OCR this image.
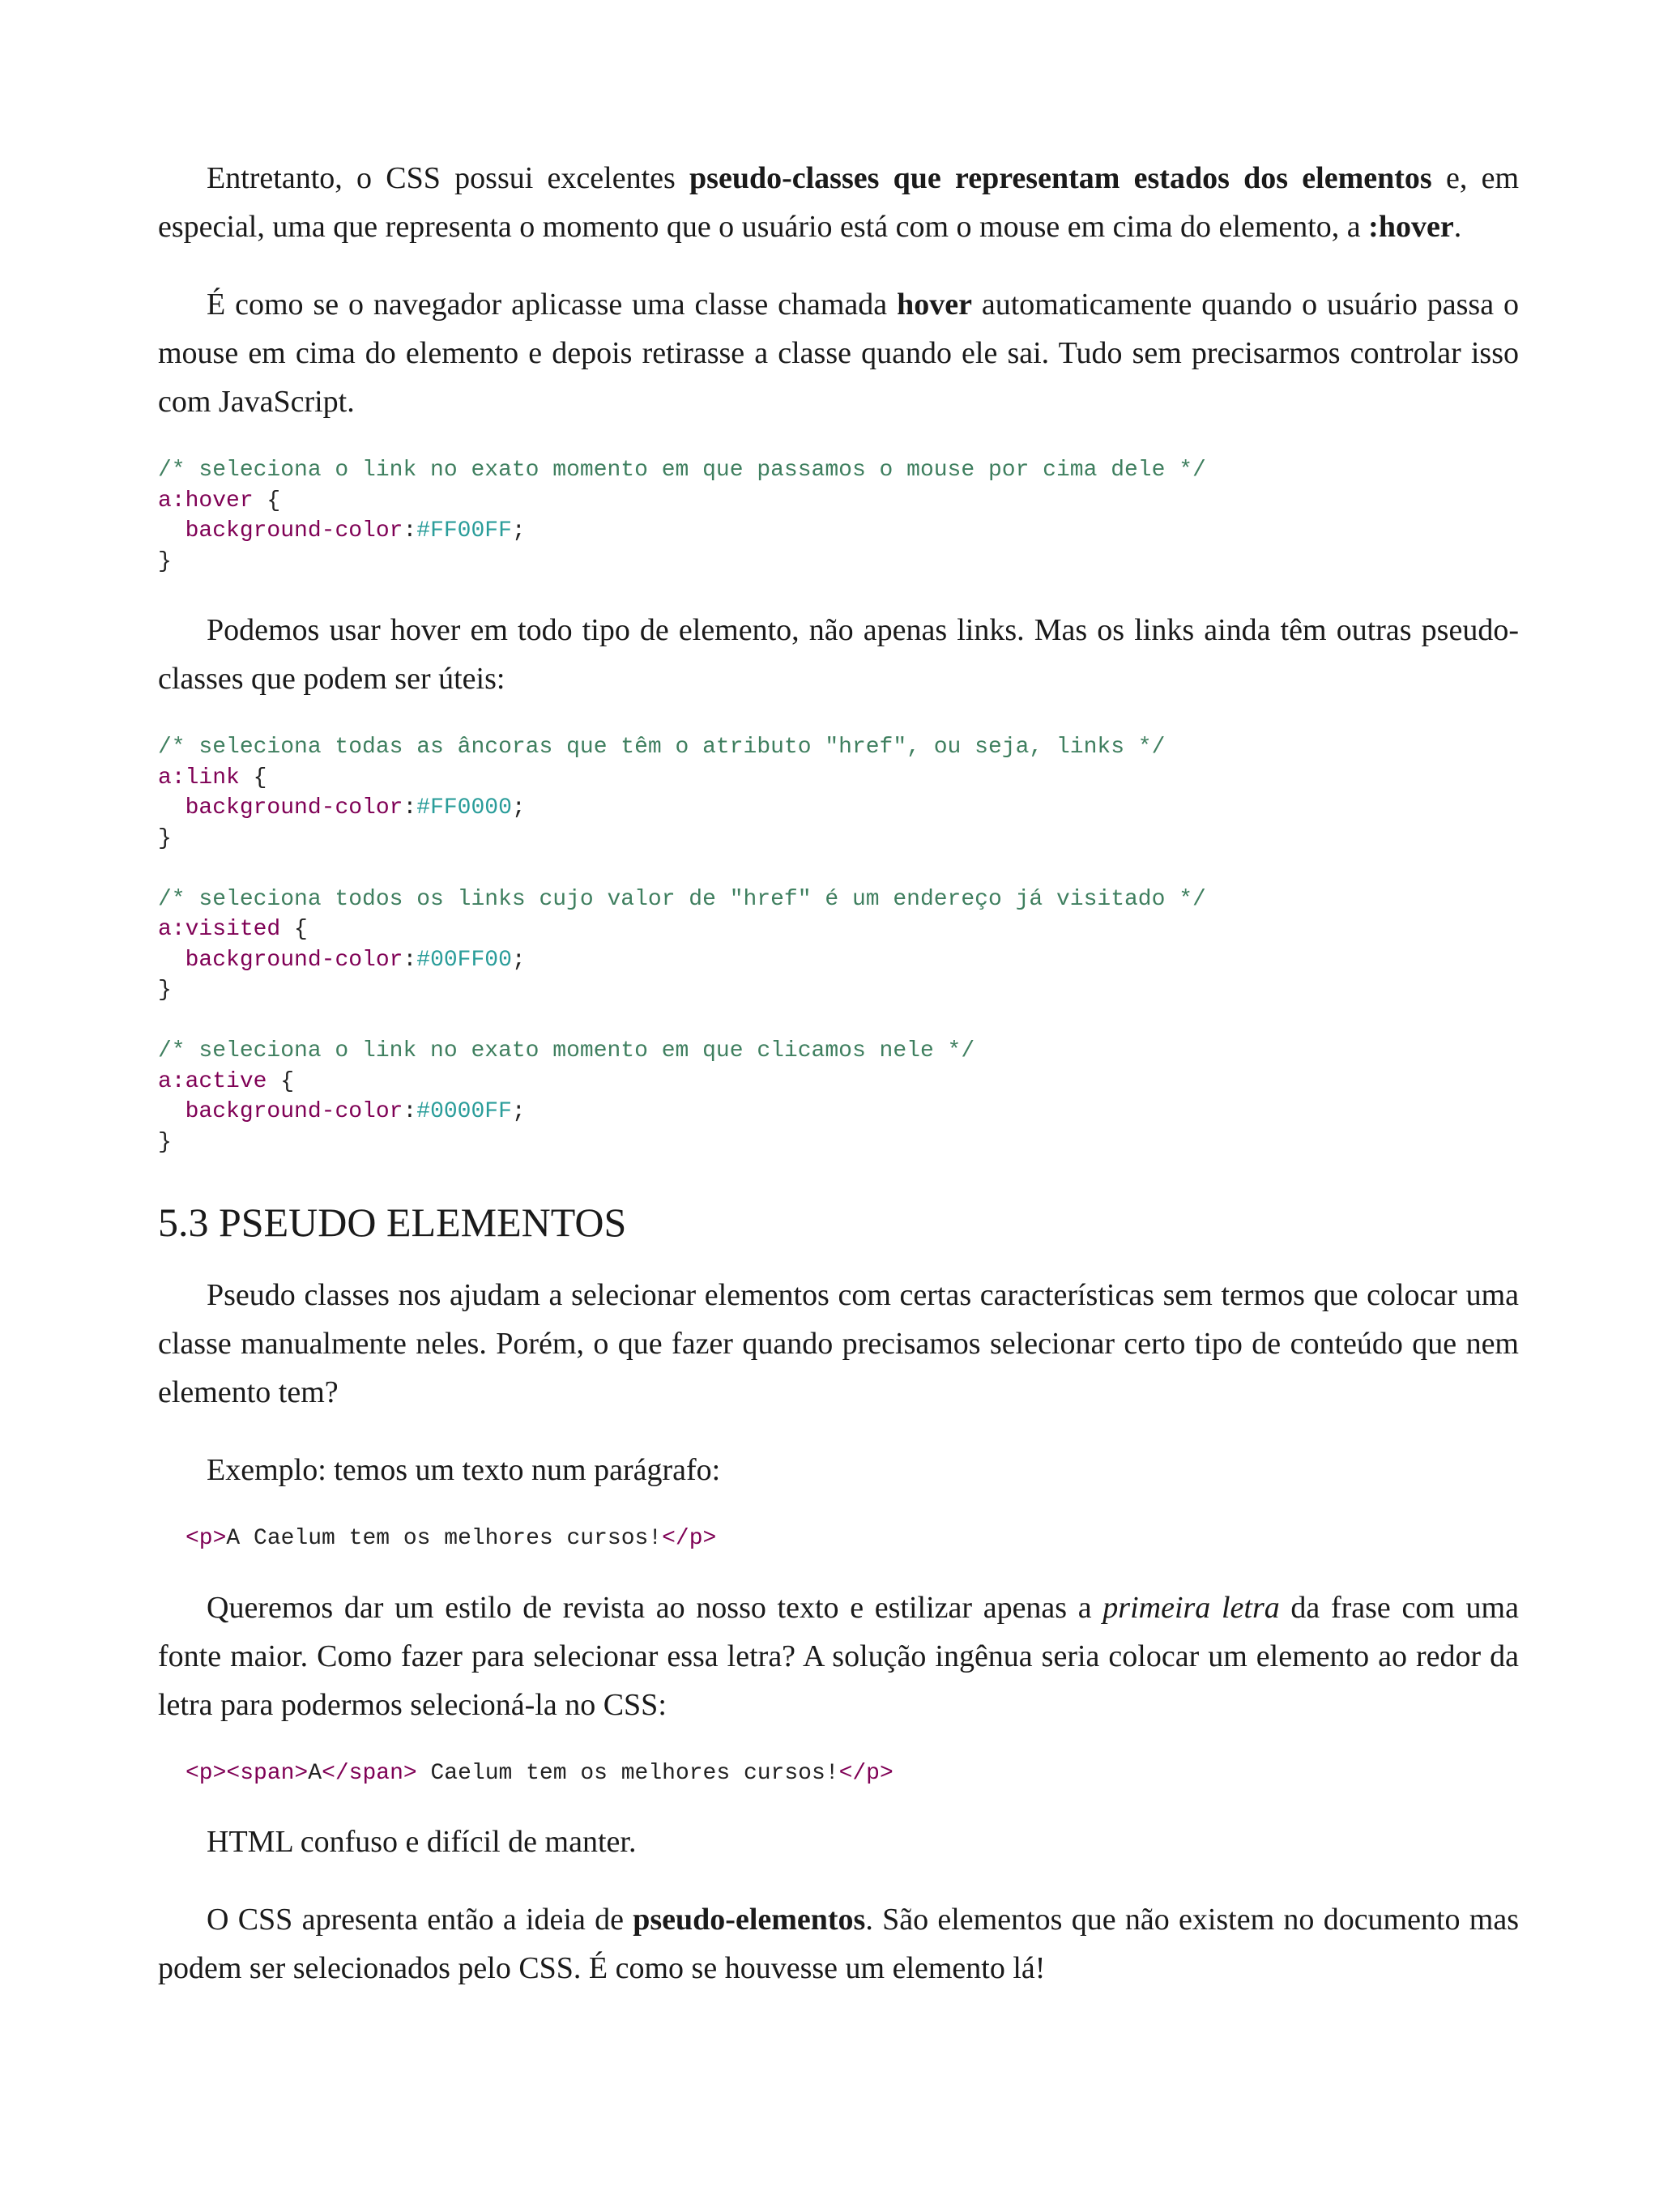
Entretanto, o CSS possui excelentes pseudo-classes que representam estados dos elementos e, em especial, uma que representa o momento que o usuário está com o mouse em cima do elemento, a :hover.

É como se o navegador aplicasse uma classe chamada hover automaticamente quando o usuário passa o mouse em cima do elemento e depois retirasse a classe quando ele sai. Tudo sem precisarmos controlar isso com JavaScript.

/* seleciona o link no exato momento em que passamos o mouse por cima dele */
a:hover {
background-color:#FF00FF;
}

Podemos usar hover em todo tipo de elemento, não apenas links. Mas os links ainda têm outras pseudo-classes que podem ser úteis:

/* seleciona todas as âncoras que têm o atributo "href", ou seja, links */
a:link {
background-color:#FF0000;
}

/* seleciona todos os links cujo valor de "href" é um endereço já visitado */
a:visited {
background-color:#00FF00;
}

/* seleciona o link no exato momento em que clicamos nele */
a:active {
background-color:#0000FF;
}
5.3 PSEUDO ELEMENTOS

Pseudo classes nos ajudam a selecionar elementos com certas características sem termos que colocar uma classe manualmente neles. Porém, o que fazer quando precisamos selecionar certo tipo de conteúdo que nem elemento tem?

Exemplo: temos um texto num parágrafo:

<p>A Caelum tem os melhores cursos!</p>

Queremos dar um estilo de revista ao nosso texto e estilizar apenas a primeira letra da frase com uma fonte maior. Como fazer para selecionar essa letra? A solução ingênua seria colocar um elemento ao redor da letra para podermos selecioná-la no CSS:

<p><span>A</span> Caelum tem os melhores cursos!</p>

HTML confuso e difícil de manter.

O CSS apresenta então a ideia de pseudo-elementos. São elementos que não existem no documento mas podem ser selecionados pelo CSS. É como se houvesse um elemento lá!
